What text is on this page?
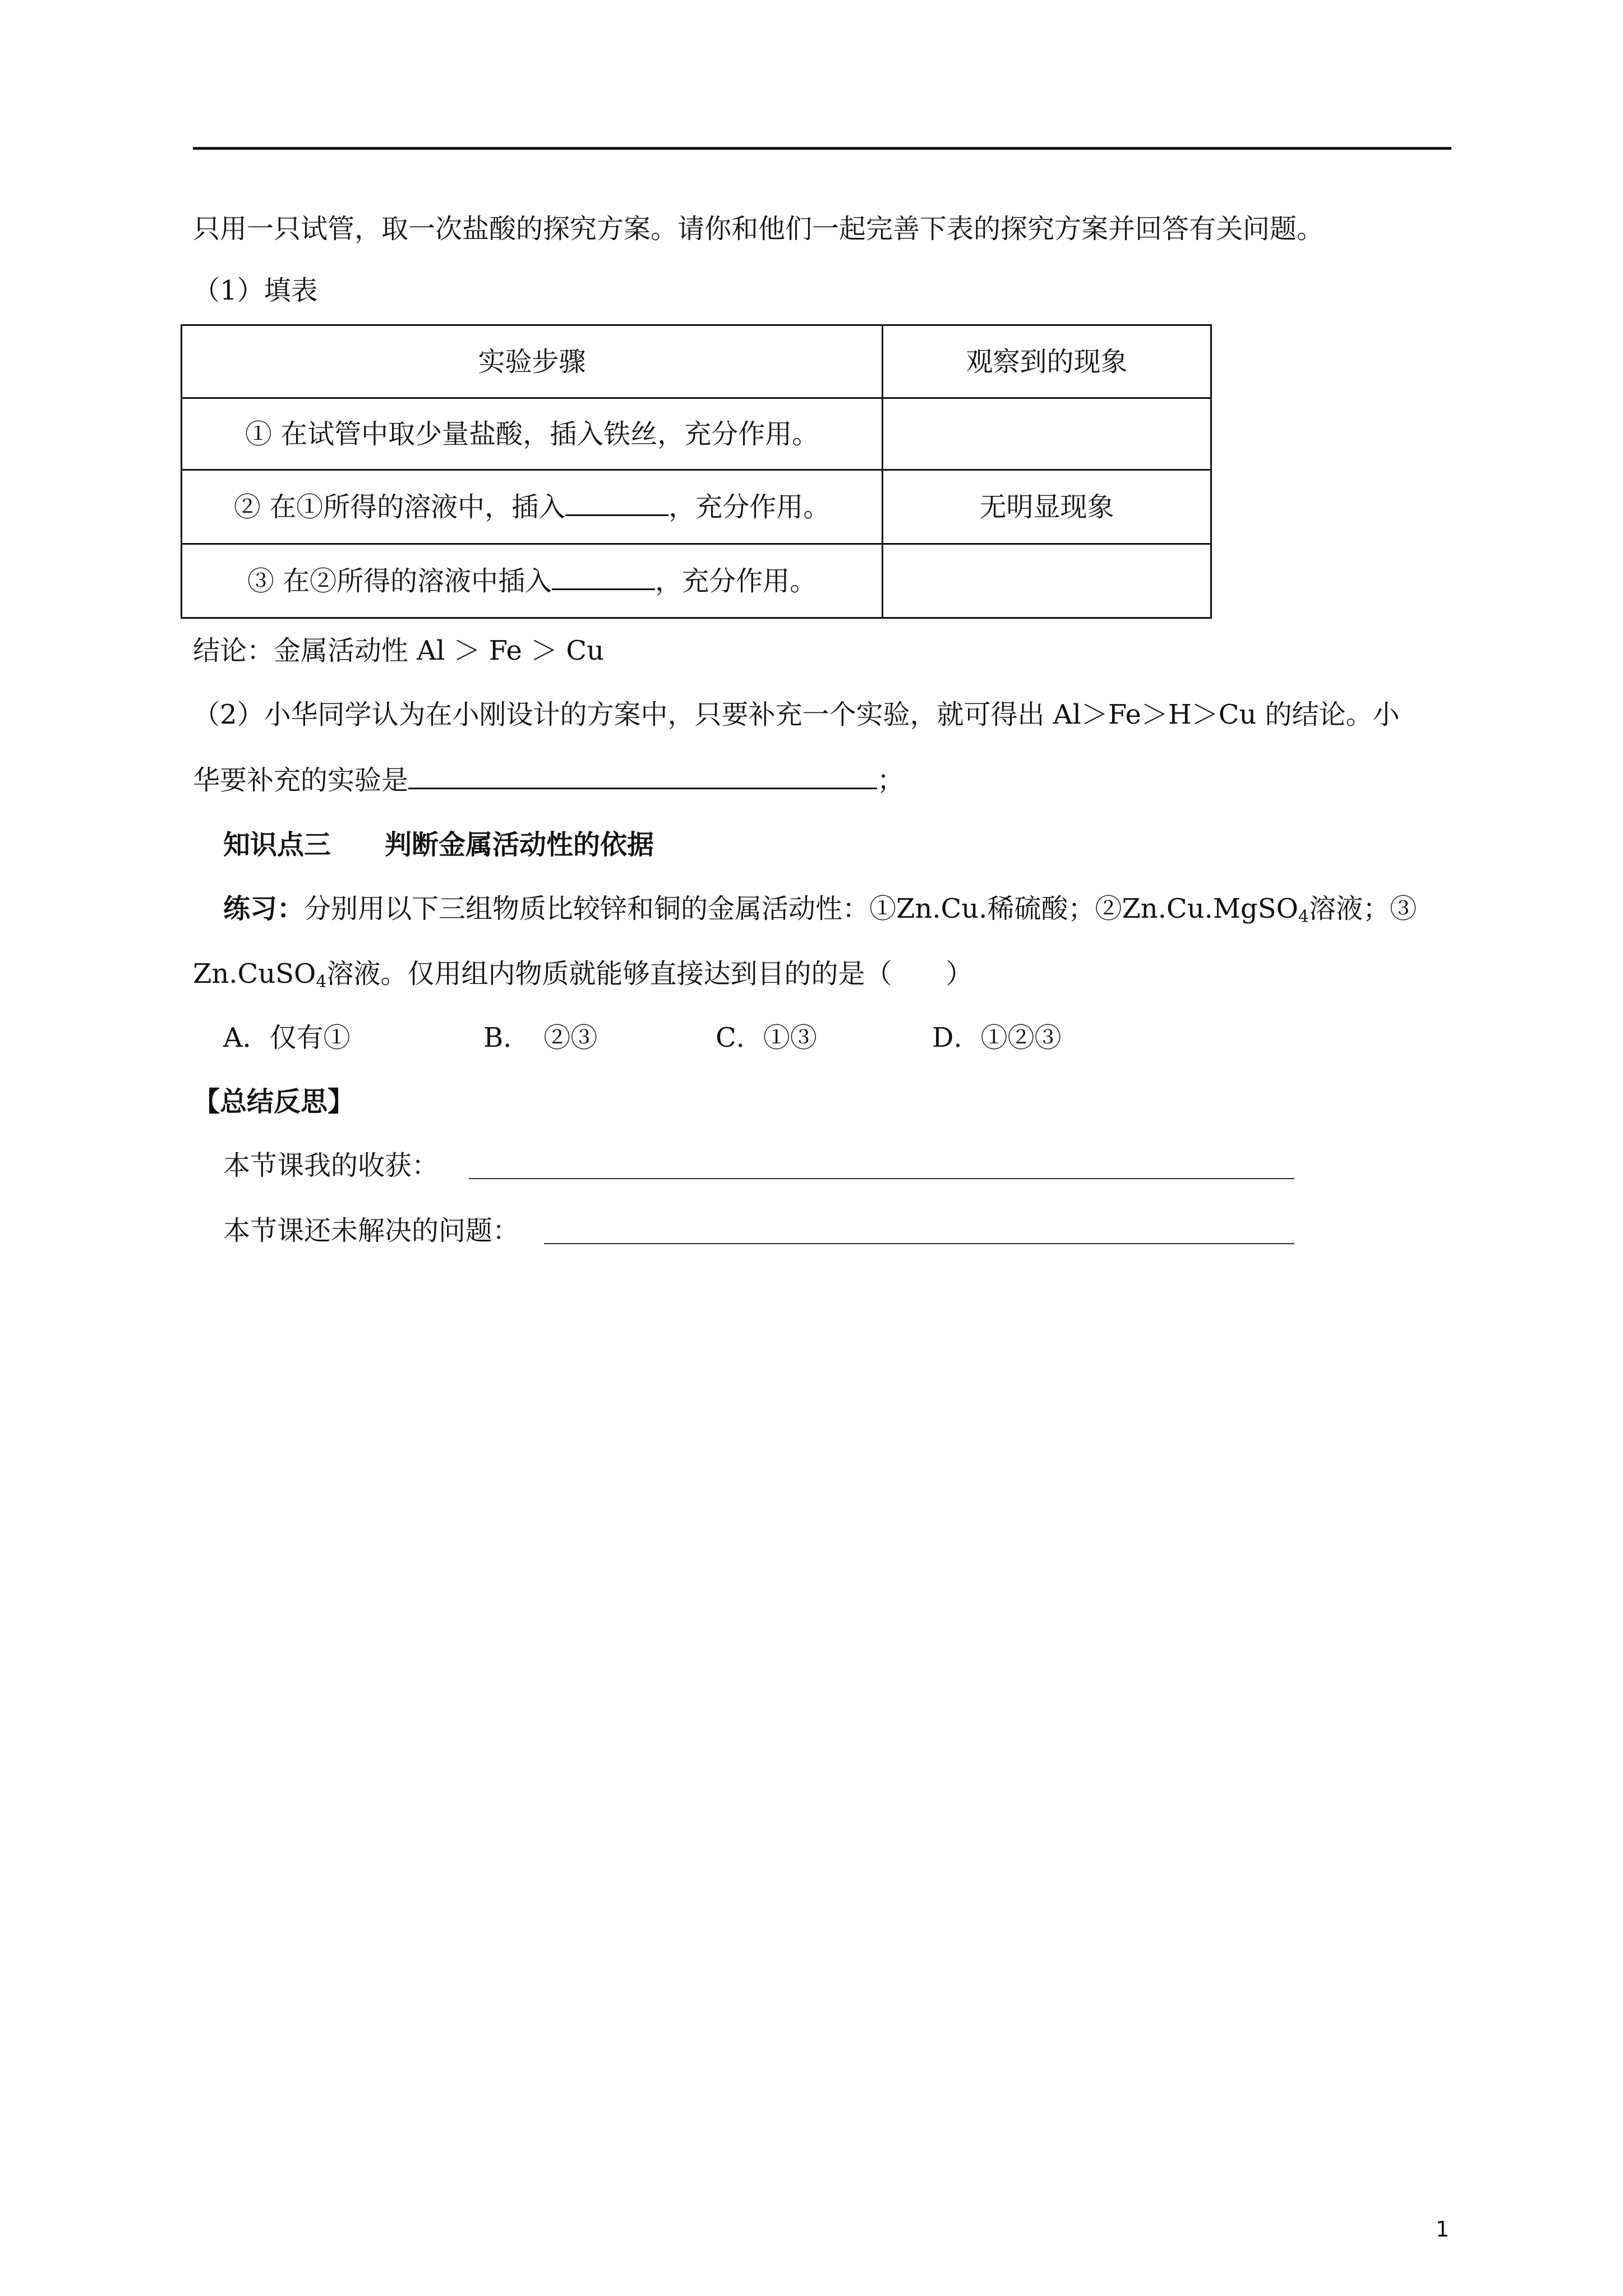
只用一只试管，取一次盐酸的探究方案。请你和他们一起完善下表的探究方案并回答有关问题。
（1）填表
实验步骤	观察到的现象
① 在试管中取少量盐酸，插入铁丝，充分作用。	
② 在①所得的溶液中，插入 ，充分作用。	无明显现象
③ 在②所得的溶液中插入 ，充分作用。	
结论：金属活动性 Al ＞ Fe ＞ Cu
（2）小华同学认为在小刚设计的方案中，只要补充一个实验，就可得出 Al＞Fe＞H＞Cu 的结论。小
华要补充的实验是	；
知识点三　　判断金属活动性的依据
练习：分别用以下三组物质比较锌和铜的金属活动性：①Zn.Cu.稀硫酸；②Zn.Cu.MgSO$_4$溶液；③
Zn.CuSO$_4$溶液。仅用组内物质就能够直接达到目的的是（　　）
A．仅有①	B．　②③	C．①③	D．①②③
【总结反思】
本节课我的收获：
本节课还未解决的问题：
1
